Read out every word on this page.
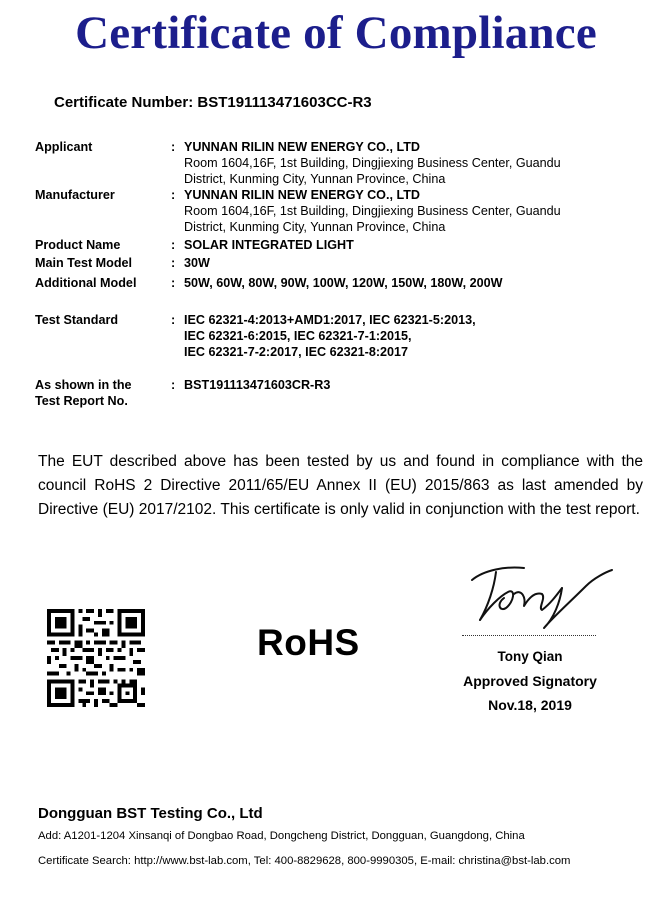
Certificate of Compliance
Certificate Number: BST191113471603CC-R3
Applicant	: YUNNAN RILIN NEW ENERGY CO., LTD
Room 1604,16F, 1st Building, Dingjiexing Business Center, Guandu
District, Kunming City, Yunnan Province, China
Manufacturer	: YUNNAN RILIN NEW ENERGY CO., LTD
Room 1604,16F, 1st Building, Dingjiexing Business Center, Guandu
District, Kunming City, Yunnan Province, China
Product Name	: SOLAR INTEGRATED LIGHT
Main Test Model	: 30W
Additional Model	: 50W, 60W, 80W, 90W, 100W, 120W, 150W, 180W, 200W
Test Standard	: IEC 62321-4:2013+AMD1:2017, IEC 62321-5:2013,
IEC 62321-6:2015, IEC 62321-7-1:2015,
IEC 62321-7-2:2017, IEC 62321-8:2017
As shown in the
Test Report No.
: BST191113471603CR-R3
The EUT described above has been tested by us and found in compliance with the council RoHS 2 Directive 2011/65/EU Annex II (EU) 2015/863 as last amended by Directive (EU) 2017/2102. This certificate is only valid in conjunction with the test report.
RoHS	Tony Qian
Approved Signatory
Nov.18, 2019
Dongguan BST Testing Co., Ltd
Add: A1201-1204 Xinsanqi of Dongbao Road, Dongcheng District, Dongguan, Guangdong, China
Certificate Search: http://www.bst-lab.com, Tel: 400-8829628, 800-9990305, E-mail: christina@bst-lab.com
